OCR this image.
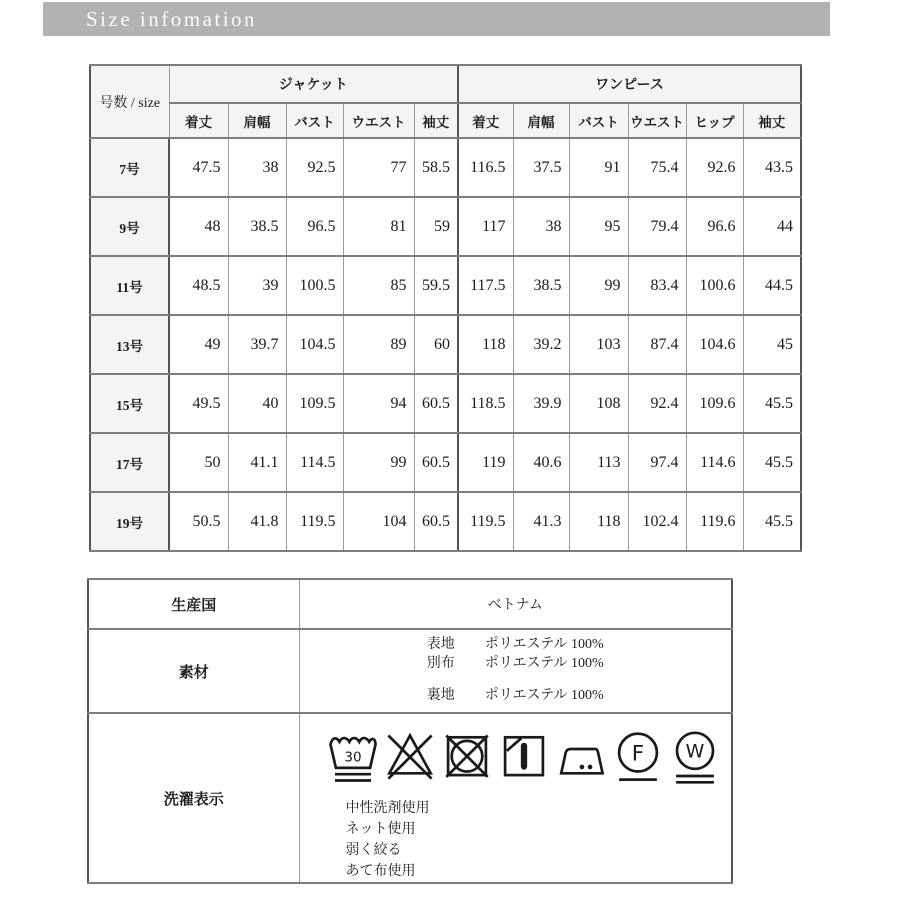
Size infomation
号数 / size	ジャケット					ワンピース					
	着丈	肩幅	バスト	ウエスト	袖丈	着丈	肩幅	バスト	ウエスト	ヒップ	袖丈
7号	47.5	38	92.5	77	58.5	116.5	37.5	91	75.4	92.6	43.5
9号	48	38.5	96.5	81	59	117	38	95	79.4	96.6	44
11号	48.5	39	100.5	85	59.5	117.5	38.5	99	83.4	100.6	44.5
13号	49	39.7	104.5	89	60	118	39.2	103	87.4	104.6	45
15号	49.5	40	109.5	94	60.5	118.5	39.9	108	92.4	109.6	45.5
17号	50	41.1	114.5	99	60.5	119	40.6	113	97.4	114.6	45.5
19号	50.5	41.8	119.5	104	60.5	119.5	41.3	118	102.4	119.6	45.5
生産国	ベトナム
素材	表地 ポリエステル 100%
別布 ポリエステル 100%
裏地 ポリエステル 100%

洗濯表示	
30	F W
中性洗剤使用
ネット使用
弱く絞る
あて布使用
